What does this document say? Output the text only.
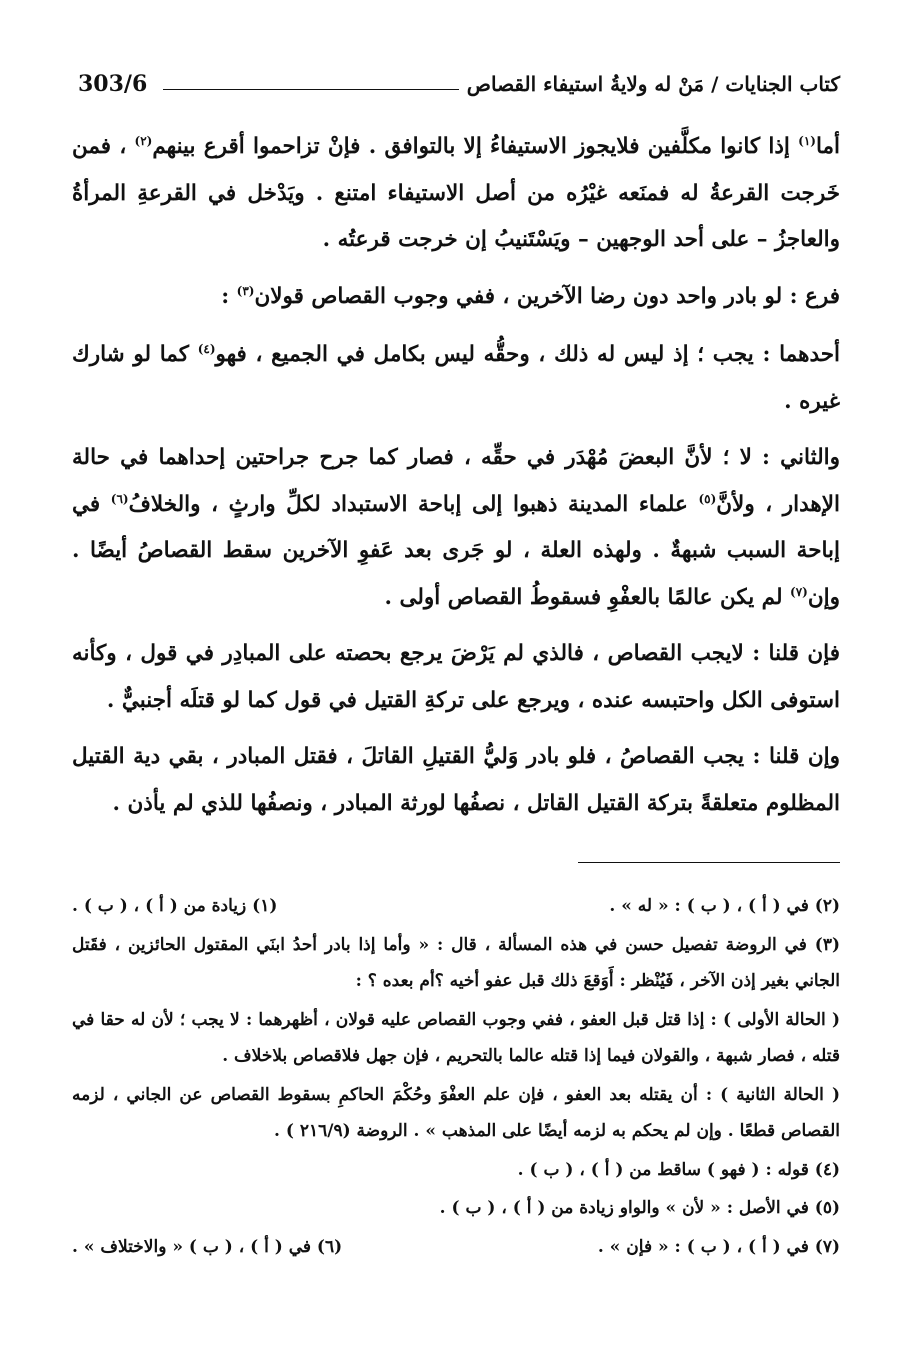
303/6	كتاب الجنايات / مَنْ له ولايةُ استيفاء القصاص

أما$^{(١)}$ إذا كانوا مكلَّفين فلايجوز الاستيفاءُ إلا بالتوافق . فإنْ تزاحموا أقرع بينهم$^{(٢)}$ ، فمن خَرجت القرعةُ له فمنَعه غيْرُه من أصل الاستيفاء امتنع . ويَدْخل في القرعةِ المرأةُ والعاجزُ – على أحد الوجهين – ويَسْتَنيبُ إن خرجت قرعتُه .

فرع : لو بادر واحد دون رضا الآخرين ، ففي وجوب القصاص قولان$^{(٣)}$ :

أحدهما : يجب ؛ إذ ليس له ذلك ، وحقُّه ليس بكامل في الجميع ، فهو$^{(٤)}$ كما لو شارك غيره .

والثاني : لا ؛ لأنَّ البعضَ مُهْدَر في حقِّه ، فصار كما جرح جراحتين إحداهما في حالة الإهدار ، ولأنَّ$^{(٥)}$ علماء المدينة ذهبوا إلى إباحة الاستبداد لكلِّ وارثٍ ، والخلافُ$^{(٦)}$ في إباحة السبب شبهةٌ . ولهذه العلة ، لو جَرى بعد عَفوِ الآخرين سقط القصاصُ أيضًا . وإن$^{(٧)}$ لم يكن عالمًا بالعفْوِ فسقوطُ القصاص أولى .

فإن قلنا : لايجب القصاص ، فالذي لم يَرْضَ يرجع بحصته على المبادِر في قول ، وكأنه استوفى الكل واحتبسه عنده ، ويرجع على تركةِ القتيل في قول كما لو قتلَه أجنبيٌّ .

وإن قلنا : يجب القصاصُ ، فلو بادر وَليُّ القتيلِ القاتلَ ، فقتل المبادر ، بقي دية القتيل المظلوم متعلقةً بتركة القتيل القاتل ، نصفُها لورثة المبادر ، ونصفُها للذي لم يأذن .

(٢) في ( أ ) ، ( ب ) : « له » .
(١) زيادة من ( أ ) ، ( ب ) .

(٣) في الروضة تفصيل حسن في هذه المسألة ، قال : « وأما إذا بادر أحدُ ابنَي المقتول الحائزين ، فقَتل الجاني بغير إذن الآخر ، فَيُنْظر : أَوَقعَ ذلك قبل عفو أخيه ؟أم بعده ؟ :

( الحالة الأولى ) : إذا قتل قبل العفو ، ففي وجوب القصاص عليه قولان ، أظهرهما : لا يجب ؛ لأن له حقا في قتله ، فصار شبهة ، والقولان فيما إذا قتله عالما بالتحريم ، فإن جهل فلاقصاص بلاخلاف .

( الحالة الثانية ) : أن يقتله بعد العفو ، فإن علم العفْوَ وحُكْمَ الحاكمِ بسقوط القصاص عن الجاني ، لزمه القصاص قطعًا . وإن لم يحكم به لزمه أيضًا على المذهب » . الروضة (٢١٦/٩ ) .

(٤) قوله : ( فهو ) ساقط من ( أ ) ، ( ب ) .

(٥) في الأصل : « لأن » والواو زيادة من ( أ ) ، ( ب ) .

(٧) في ( أ ) ، ( ب ) : « فإن » .
(٦) في ( أ ) ، ( ب ) « والاختلاف » .
